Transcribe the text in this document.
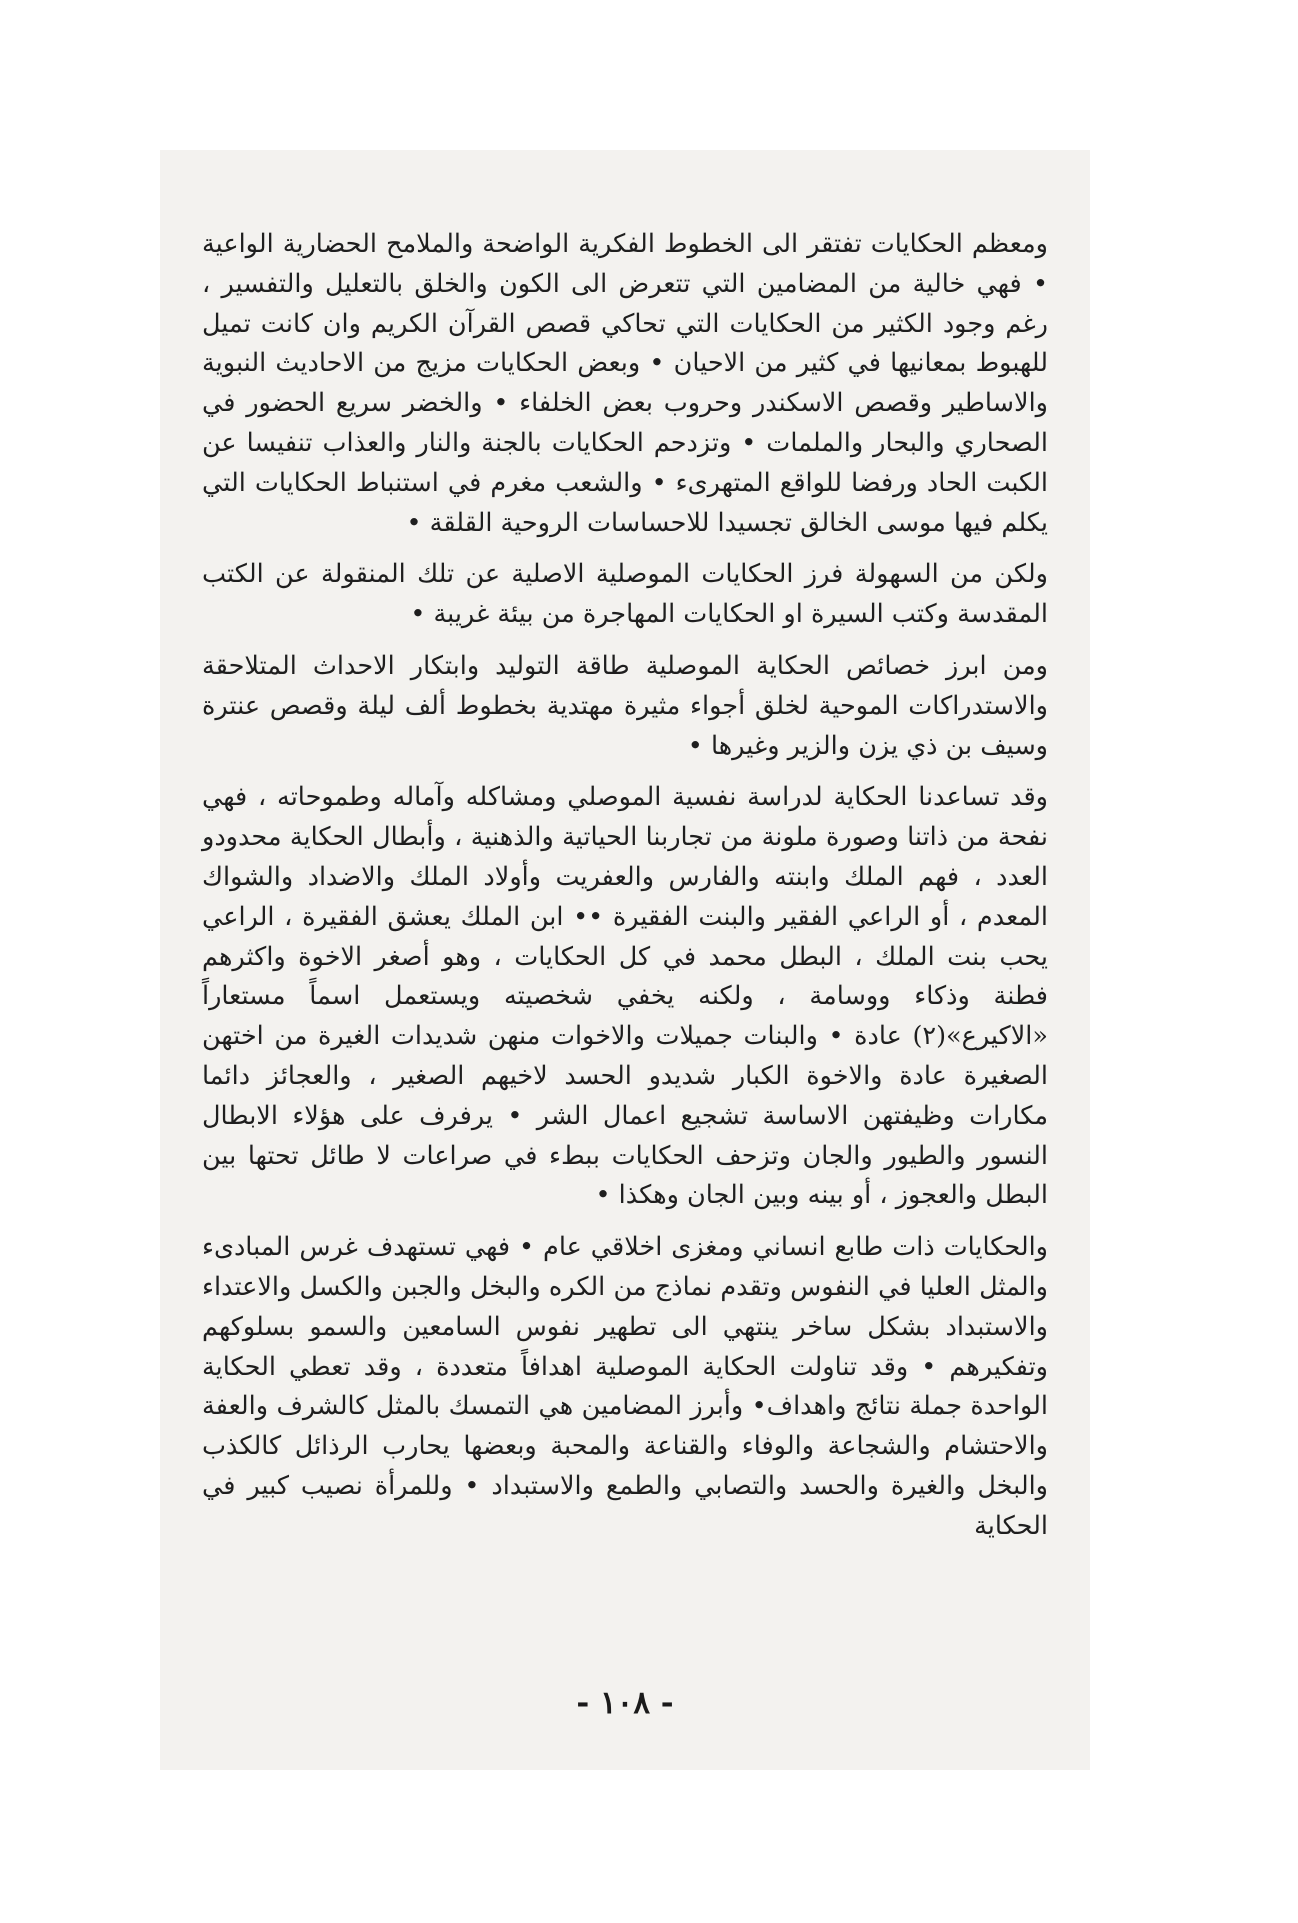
ومعظم الحكايات تفتقر الى الخطوط الفكرية الواضحة والملامح الحضارية الواعية • فهي خالية من المضامين التي تتعرض الى الكون والخلق بالتعليل والتفسير ، رغم وجود الكثير من الحكايات التي تحاكي قصص القرآن الكريم وان كانت تميل للهبوط بمعانيها في كثير من الاحيان • وبعض الحكايات مزيج من الاحاديث النبوية والاساطير وقصص الاسكندر وحروب بعض الخلفاء • والخضر سريع الحضور في الصحاري والبحار والملمات • وتزدحم الحكايات بالجنة والنار والعذاب تنفيسا عن الكبت الحاد ورفضا للواقع المتهرىء • والشعب مغرم في استنباط الحكايات التي يكلم فيها موسى الخالق تجسيدا للاحساسات الروحية القلقة •

ولكن من السهولة فرز الحكايات الموصلية الاصلية عن تلك المنقولة عن الكتب المقدسة وكتب السيرة او الحكايات المهاجرة من بيئة غريبة •

ومن ابرز خصائص الحكاية الموصلية طاقة التوليد وابتكار الاحداث المتلاحقة والاستدراكات الموحية لخلق أجواء مثيرة مهتدية بخطوط ألف ليلة وقصص عنترة وسيف بن ذي يزن والزير وغيرها •

وقد تساعدنا الحكاية لدراسة نفسية الموصلي ومشاكله وآماله وطموحاته ، فهي نفحة من ذاتنا وصورة ملونة من تجاربنا الحياتية والذهنية ، وأبطال الحكاية محدودو العدد ، فهم الملك وابنته والفارس والعفريت وأولاد الملك والاضداد والشواك المعدم ، أو الراعي الفقير والبنت الفقيرة •• ابن الملك يعشق الفقيرة ، الراعي يحب بنت الملك ، البطل محمد في كل الحكايات ، وهو أصغر الاخوة واكثرهم فطنة وذكاء ووسامة ، ولكنه يخفي شخصيته ويستعمل اسماً مستعاراً «الاكيرع»(٢) عادة • والبنات جميلات والاخوات منهن شديدات الغيرة من اختهن الصغيرة عادة والاخوة الكبار شديدو الحسد لاخيهم الصغير ، والعجائز دائما مكارات وظيفتهن الاساسة تشجيع اعمال الشر • يرفرف على هؤلاء الابطال النسور والطيور والجان وتزحف الحكايات ببطء في صراعات لا طائل تحتها بين البطل والعجوز ، أو بينه وبين الجان وهكذا •

والحكايات ذات طابع انساني ومغزى اخلاقي عام • فهي تستهدف غرس المبادىء والمثل العليا في النفوس وتقدم نماذج من الكره والبخل والجبن والكسل والاعتداء والاستبداد بشكل ساخر ينتهي الى تطهير نفوس السامعين والسمو بسلوكهم وتفكيرهم • وقد تناولت الحكاية الموصلية اهدافاً متعددة ، وقد تعطي الحكاية الواحدة جملة نتائج واهداف• وأبرز المضامين هي التمسك بالمثل كالشرف والعفة والاحتشام والشجاعة والوفاء والقناعة والمحبة وبعضها يحارب الرذائل كالكذب والبخل والغيرة والحسد والتصابي والطمع والاستبداد • وللمرأة نصيب كبير في الحكاية

- ١٠٨ -
